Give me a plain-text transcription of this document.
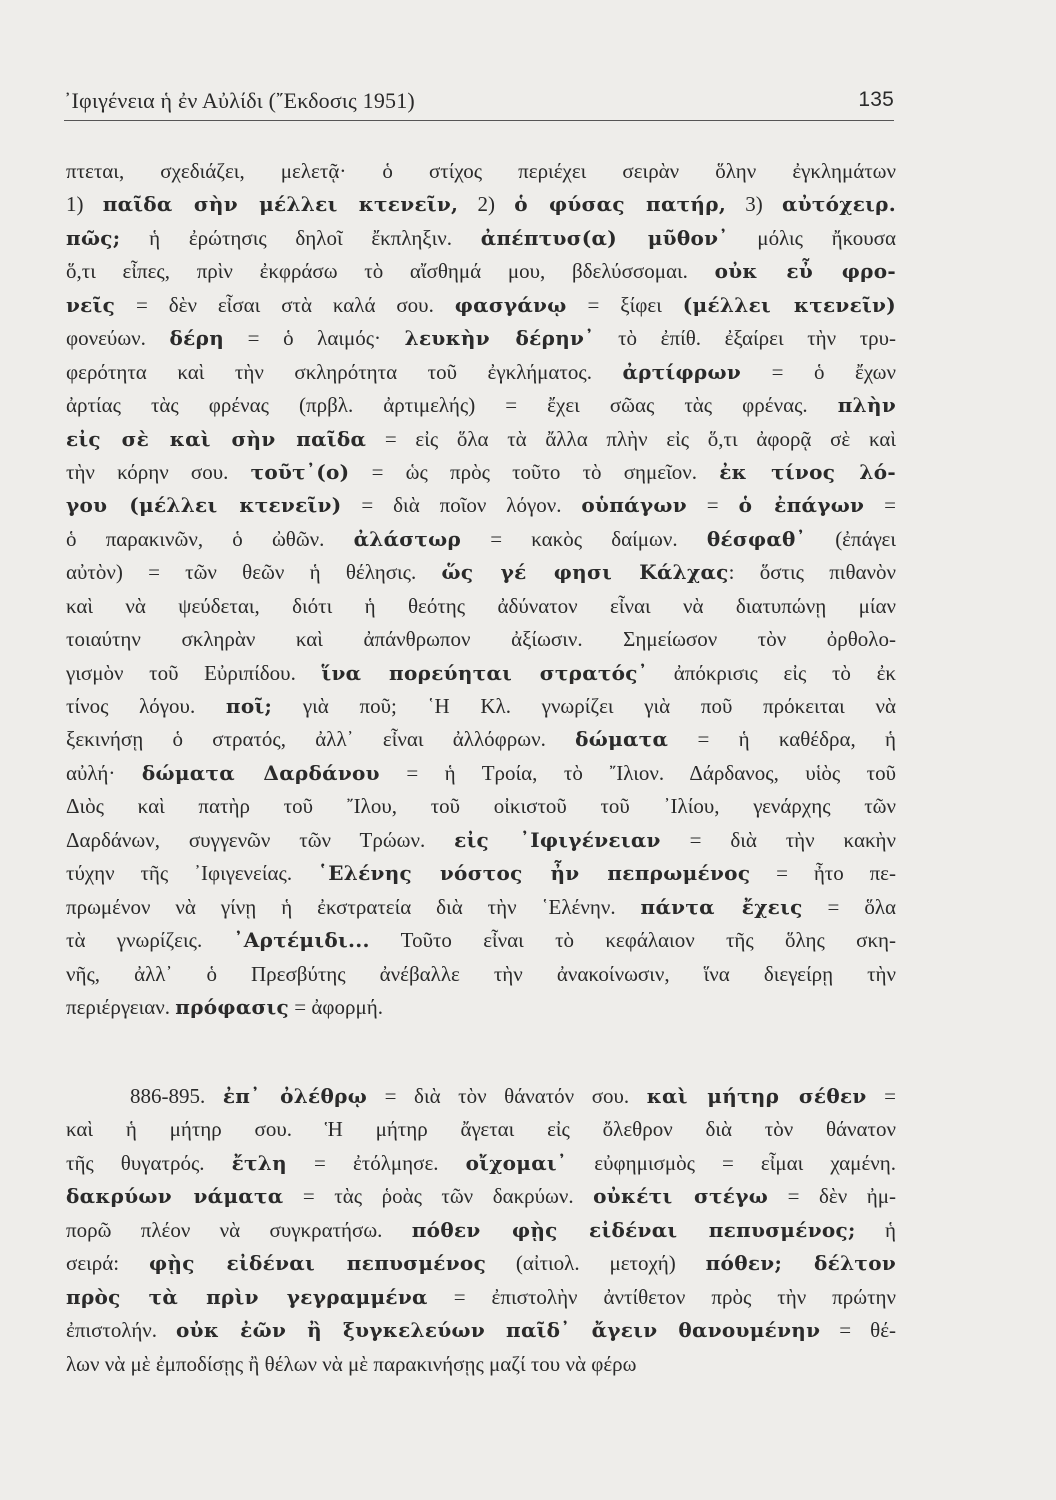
᾿Ιφιγένεια ἡ ἐν Αὐλίδι (῎Εκδοσις 1951)	135
πτεται, σχεδιάζει, μελετᾷ· ὁ στίχος περιέχει σειρὰν ὅλην ἐγκλημάτων
1) παῖδα σὴν μέλλει κτενεῖν, 2) ὁ φύσας πατήρ, 3) αὐτόχειρ.
πῶς; ἡ ἐρώτησις δηλοῖ ἔκπληξιν. ἀπέπτυσ(α) μῦθον᾽ μόλις ἤκουσα
ὅ,τι εἶπες, πρὶν ἐκφράσω τὸ αἴσθημά μου, βδελύσσομαι. οὐκ εὖ φρο-
νεῖς = δὲν εἶσαι στὰ καλά σου. φασγάνῳ = ξίφει (μέλλει κτενεῖν)
φονεύων. δέρη = ὁ λαιμός· λευκὴν δέρην᾽ τὸ ἐπίθ. ἐξαίρει τὴν τρυ-
φερότητα καὶ τὴν σκληρότητα τοῦ ἐγκλήματος. ἀρτίφρων = ὁ ἔχων
ἀρτίας τὰς φρένας (πρβλ. ἀρτιμελής) = ἔχει σῶας τὰς φρένας. πλὴν
εἰς σὲ καὶ σὴν παῖδα = εἰς ὅλα τὰ ἄλλα πλὴν εἰς ὅ,τι ἀφορᾷ σὲ καὶ
τὴν κόρην σου. τοῦτ᾽(ο) = ὡς πρὸς τοῦτο τὸ σημεῖον. ἐκ τίνος λό-
γου (μέλλει κτενεῖν) = διὰ ποῖον λόγον. οὑπάγων = ὁ ἐπάγων =
ὁ παρακινῶν, ὁ ὠθῶν. ἀλάστωρ = κακὸς δαίμων. θέσφαθ᾽ (ἐπάγει
αὐτὸν) = τῶν θεῶν ἡ θέλησις. ὥς γέ φησι Κάλχας: ὅστις πιθανὸν
καὶ νὰ ψεύδεται, διότι ἡ θεότης ἀδύνατον εἶναι νὰ διατυπώνῃ μίαν
τοιαύτην σκληρὰν καὶ ἀπάνθρωπον ἀξίωσιν. Σημείωσον τὸν ὀρθολο-
γισμὸν τοῦ Εὐριπίδου. ἵνα πορεύηται στρατός᾽ ἀπόκρισις εἰς τὸ ἐκ
τίνος λόγου. ποῖ; γιὰ ποῦ; ῾Η Κλ. γνωρίζει γιὰ ποῦ πρόκειται νὰ
ξεκινήσῃ ὁ στρατός, ἀλλ᾽ εἶναι ἀλλόφρων. δώματα = ἡ καθέδρα, ἡ
αὐλή· δώματα Δαρδάνου = ἡ Τροία, τὸ ῎Ιλιον. Δάρδανος, υἱὸς τοῦ
Διὸς καὶ πατὴρ τοῦ ῎Ιλου, τοῦ οἰκιστοῦ τοῦ ᾿Ιλίου, γενάρχης τῶν
Δαρδάνων, συγγενῶν τῶν Τρώων. εἰς ᾿Ιφιγένειαν = διὰ τὴν κακὴν
τύχην τῆς ᾿Ιφιγενείας. ῾Ελένης νόστος ἦν πεπρωμένος = ἦτο πε-
πρωμένον νὰ γίνῃ ἡ ἐκστρατεία διὰ τὴν ῾Ελένην. πάντα ἔχεις = ὅλα
τὰ γνωρίζεις. ᾿Αρτέμιδι... Τοῦτο εἶναι τὸ κεφάλαιον τῆς ὅλης σκη-
νῆς, ἀλλ᾽ ὁ Πρεσβύτης ἀνέβαλλε τὴν ἀνακοίνωσιν, ἵνα διεγείρῃ τὴν
περιέργειαν. πρόφασις = ἀφορμή.
886-895. ἐπ᾽ ὀλέθρῳ = διὰ τὸν θάνατόν σου. καὶ μήτηρ σέθεν =
καὶ ἡ μήτηρ σου. Ἡ μήτηρ ἄγεται εἰς ὄλεθρον διὰ τὸν θάνατον
τῆς θυγατρός. ἔτλη = ἐτόλμησε. οἴχομαι᾽ εὐφημισμὸς = εἶμαι χαμένη.
δακρύων νάματα = τὰς ῥοὰς τῶν δακρύων. οὐκέτι στέγω = δὲν ἠμ-
πορῶ πλέον νὰ συγκρατήσω. πόθεν φῂς εἰδέναι πεπυσμένος; ἡ
σειρά: φῂς εἰδέναι πεπυσμένος (αἰτιολ. μετοχή) πόθεν; δέλτον
πρὸς τὰ πρὶν γεγραμμένα = ἐπιστολὴν ἀντίθετον πρὸς τὴν πρώτην
ἐπιστολήν. οὐκ ἐῶν ἢ ξυγκελεύων παῖδ᾽ ἄγειν θανουμένην = θέ-
λων νὰ μὲ ἐμποδίσῃς ἢ θέλων νὰ μὲ παρακινήσῃς μαζί του νὰ φέρω
